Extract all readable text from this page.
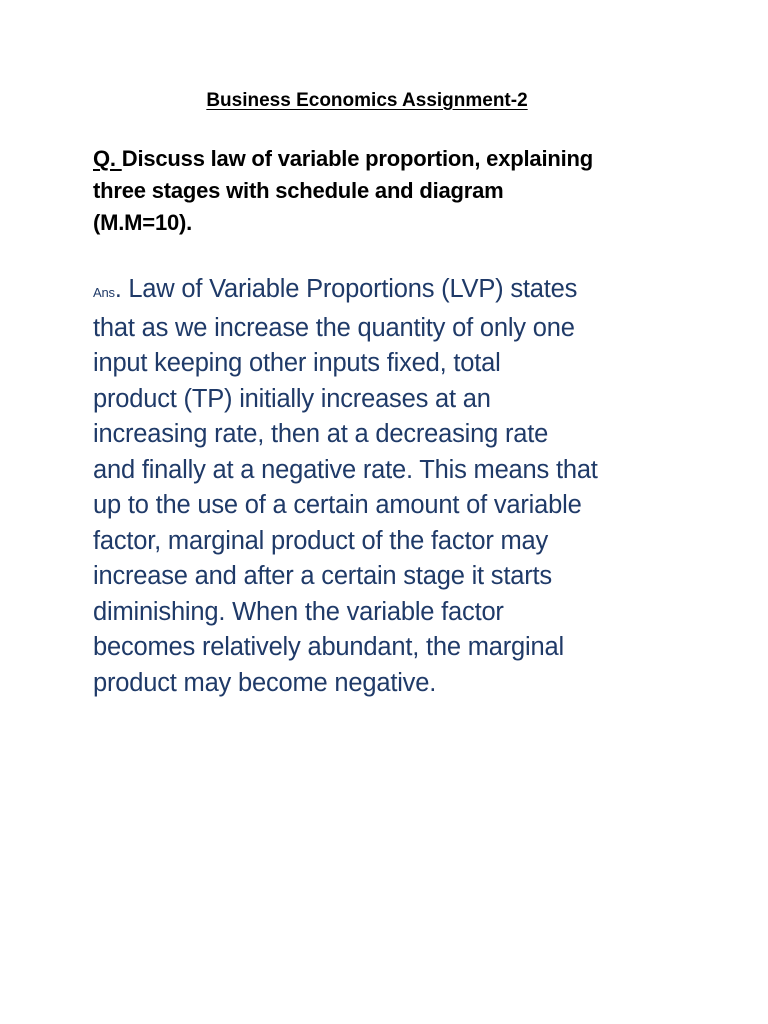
Business Economics Assignment-2
Q. Discuss law of variable proportion, explaining
three stages with schedule and diagram
(M.M=10).
Ans. Law of Variable Proportions (LVP) states
that as we increase the quantity of only one
input keeping other inputs fixed, total
product (TP) initially increases at an
increasing rate, then at a decreasing rate
and finally at a negative rate. This means that
up to the use of a certain amount of variable
factor, marginal product of the factor may
increase and after a certain stage it starts
diminishing. When the variable factor
becomes relatively abundant, the marginal
product may become negative.
